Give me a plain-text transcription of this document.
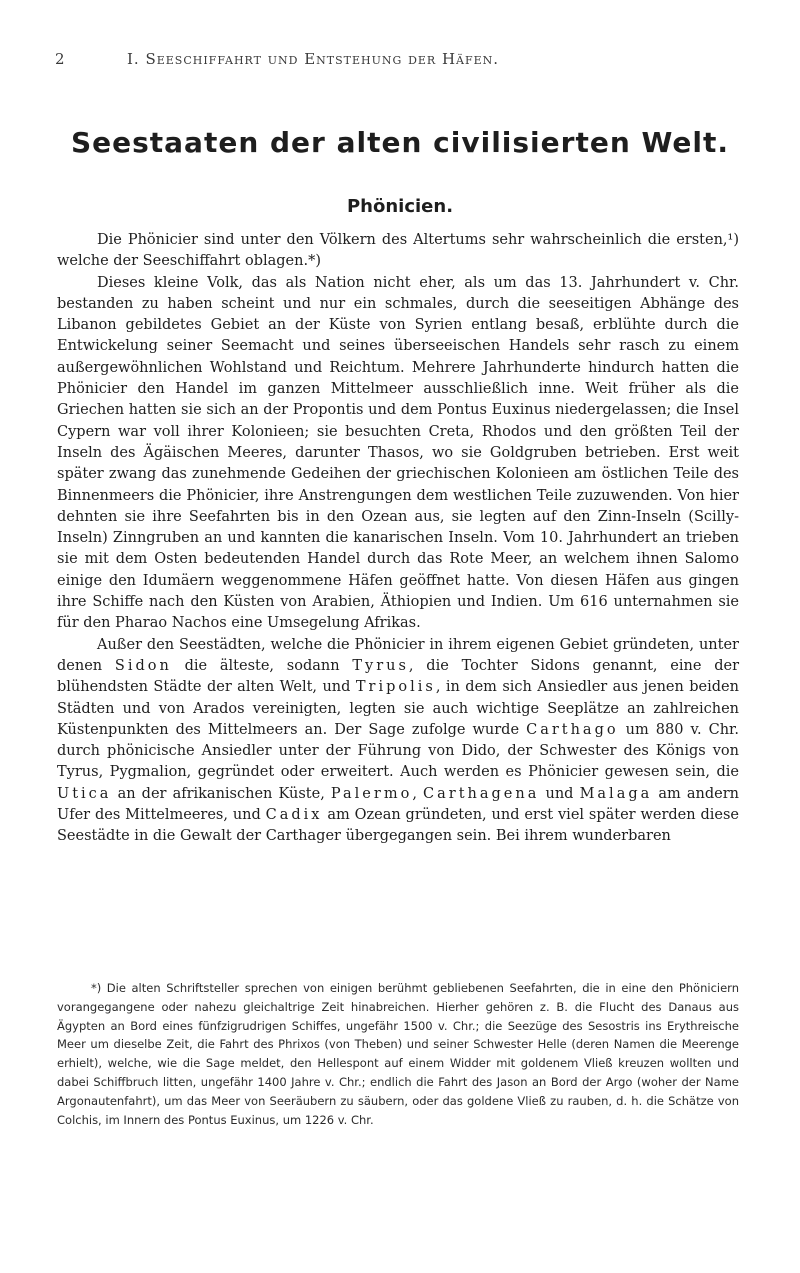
2	I. Seeschiffahrt und Entstehung der Häfen.
Seestaaten der alten civilisierten Welt.
Phönicien.

Die Phönicier sind unter den Völkern des Altertums sehr wahrscheinlich die ersten,¹) welche der Seeschiffahrt oblagen.*)

Dieses kleine Volk, das als Nation nicht eher, als um das 13. Jahrhundert v. Chr. bestanden zu haben scheint und nur ein schmales, durch die seeseitigen Abhänge des Libanon gebildetes Gebiet an der Küste von Syrien entlang besaß, erblühte durch die Entwickelung seiner Seemacht und seines überseeischen Handels sehr rasch zu einem außergewöhnlichen Wohlstand und Reichtum. Mehrere Jahrhunderte hindurch hatten die Phönicier den Handel im ganzen Mittelmeer ausschließlich inne. Weit früher als die Griechen hatten sie sich an der Propontis und dem Pontus Euxinus niedergelassen; die Insel Cypern war voll ihrer Kolonieen; sie besuchten Creta, Rhodos und den größten Teil der Inseln des Ägäischen Meeres, darunter Thasos, wo sie Goldgruben betrieben. Erst weit später zwang das zunehmende Gedeihen der griechischen Kolonieen am östlichen Teile des Binnenmeers die Phönicier, ihre Anstrengungen dem westlichen Teile zuzuwenden. Von hier dehnten sie ihre Seefahrten bis in den Ozean aus, sie legten auf den Zinn-Inseln (Scilly-Inseln) Zinngruben an und kannten die kanarischen Inseln. Vom 10. Jahrhundert an trieben sie mit dem Osten bedeutenden Handel durch das Rote Meer, an welchem ihnen Salomo einige den Idumäern weggenommene Häfen geöffnet hatte. Von diesen Häfen aus gingen ihre Schiffe nach den Küsten von Arabien, Äthiopien und Indien. Um 616 unternahmen sie für den Pharao Nachos eine Umsegelung Afrikas.

Außer den Seestädten, welche die Phönicier in ihrem eigenen Gebiet gründeten, unter denen Sidon die älteste, sodann Tyrus, die Tochter Sidons genannt, eine der blühendsten Städte der alten Welt, und Tripolis, in dem sich Ansiedler aus jenen beiden Städten und von Arados vereinigten, legten sie auch wichtige Seeplätze an zahlreichen Küstenpunkten des Mittelmeers an. Der Sage zufolge wurde Carthago um 880 v. Chr. durch phönicische Ansiedler unter der Führung von Dido, der Schwester des Königs von Tyrus, Pygmalion, gegründet oder erweitert. Auch werden es Phönicier gewesen sein, die Utica an der afrikanischen Küste, Palermo, Carthagena und Malaga am andern Ufer des Mittelmeeres, und Cadix am Ozean gründeten, und erst viel später werden diese Seestädte in die Gewalt der Carthager übergegangen sein. Bei ihrem wunderbaren

*) Die alten Schriftsteller sprechen von einigen berühmt gebliebenen Seefahrten, die in eine den Phöniciern vorangegangene oder nahezu gleichaltrige Zeit hinabreichen. Hierher gehören z. B. die Flucht des Danaus aus Ägypten an Bord eines fünfzigrudrigen Schiffes, ungefähr 1500 v. Chr.; die Seezüge des Sesostris ins Erythreische Meer um dieselbe Zeit, die Fahrt des Phrixos (von Theben) und seiner Schwester Helle (deren Namen die Meerenge erhielt), welche, wie die Sage meldet, den Hellespont auf einem Widder mit goldenem Vließ kreuzen wollten und dabei Schiffbruch litten, ungefähr 1400 Jahre v. Chr.; endlich die Fahrt des Jason an Bord der Argo (woher der Name Argonautenfahrt), um das Meer von Seeräubern zu säubern, oder das goldene Vließ zu rauben, d. h. die Schätze von Colchis, im Innern des Pontus Euxinus, um 1226 v. Chr.
